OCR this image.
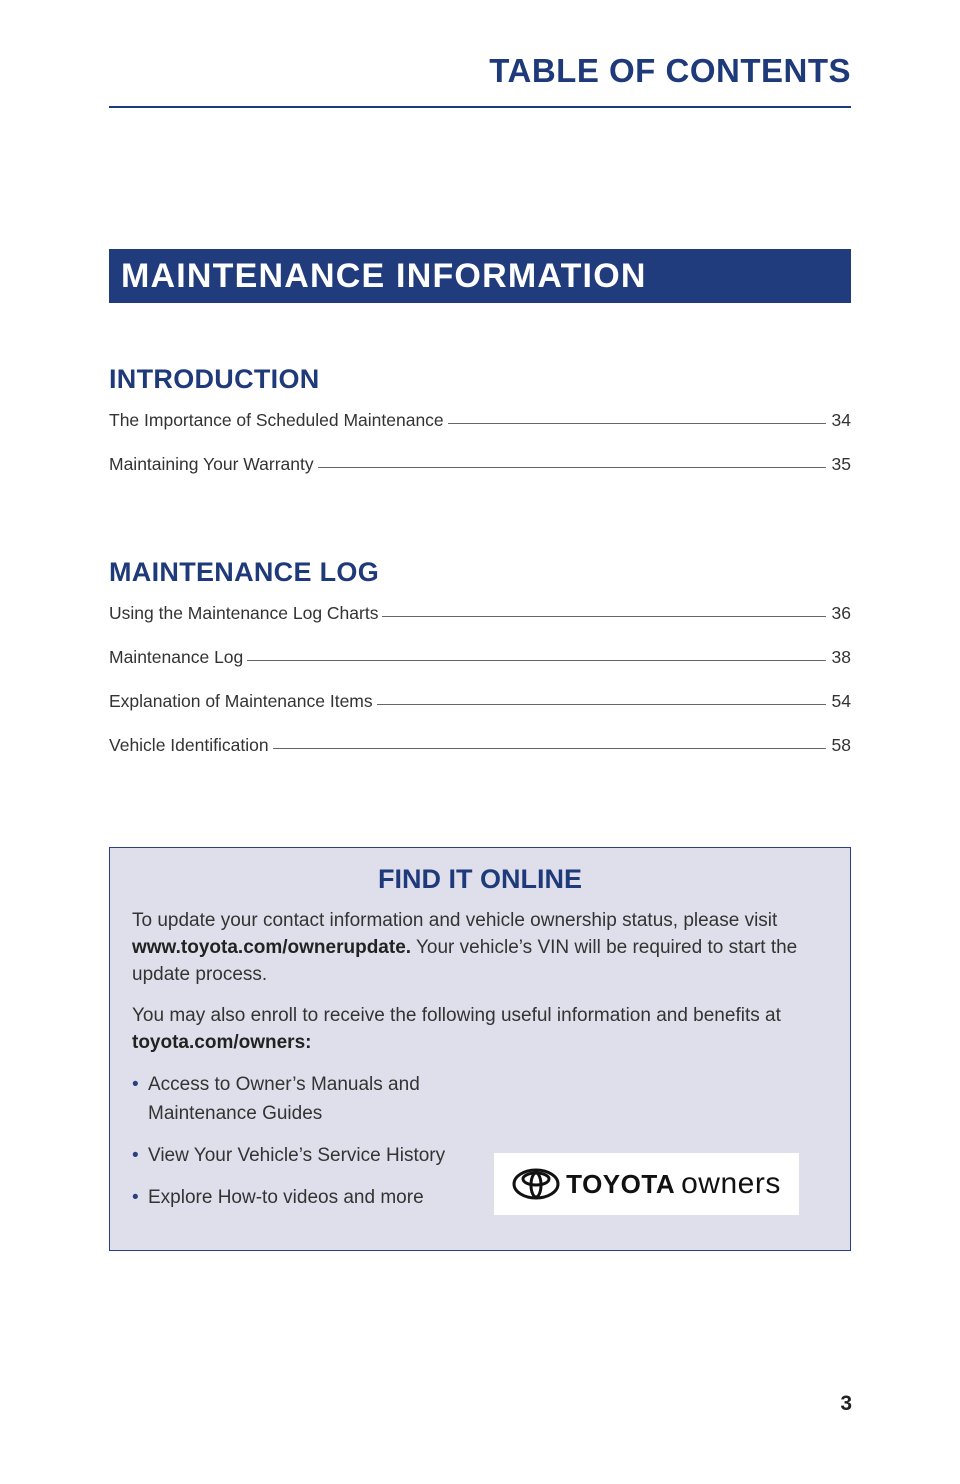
TABLE OF CONTENTS
MAINTENANCE INFORMATION
INTRODUCTION
The Importance of Scheduled Maintenance	34
Maintaining Your Warranty	35
MAINTENANCE LOG
Using the Maintenance Log Charts	36
Maintenance Log	38
Explanation of Maintenance Items	54
Vehicle Identification	58
FIND IT ONLINE

To update your contact information and vehicle ownership status, please visit www.toyota.com/ownerupdate. Your vehicle’s VIN will be required to start the update process.

You may also enroll to receive the following useful information and benefits at toyota.com/owners:

• Access to Owner’s Manuals and Maintenance Guides
• View Your Vehicle’s Service History
• Explore How-to videos and more	TOYOTA owners
3
